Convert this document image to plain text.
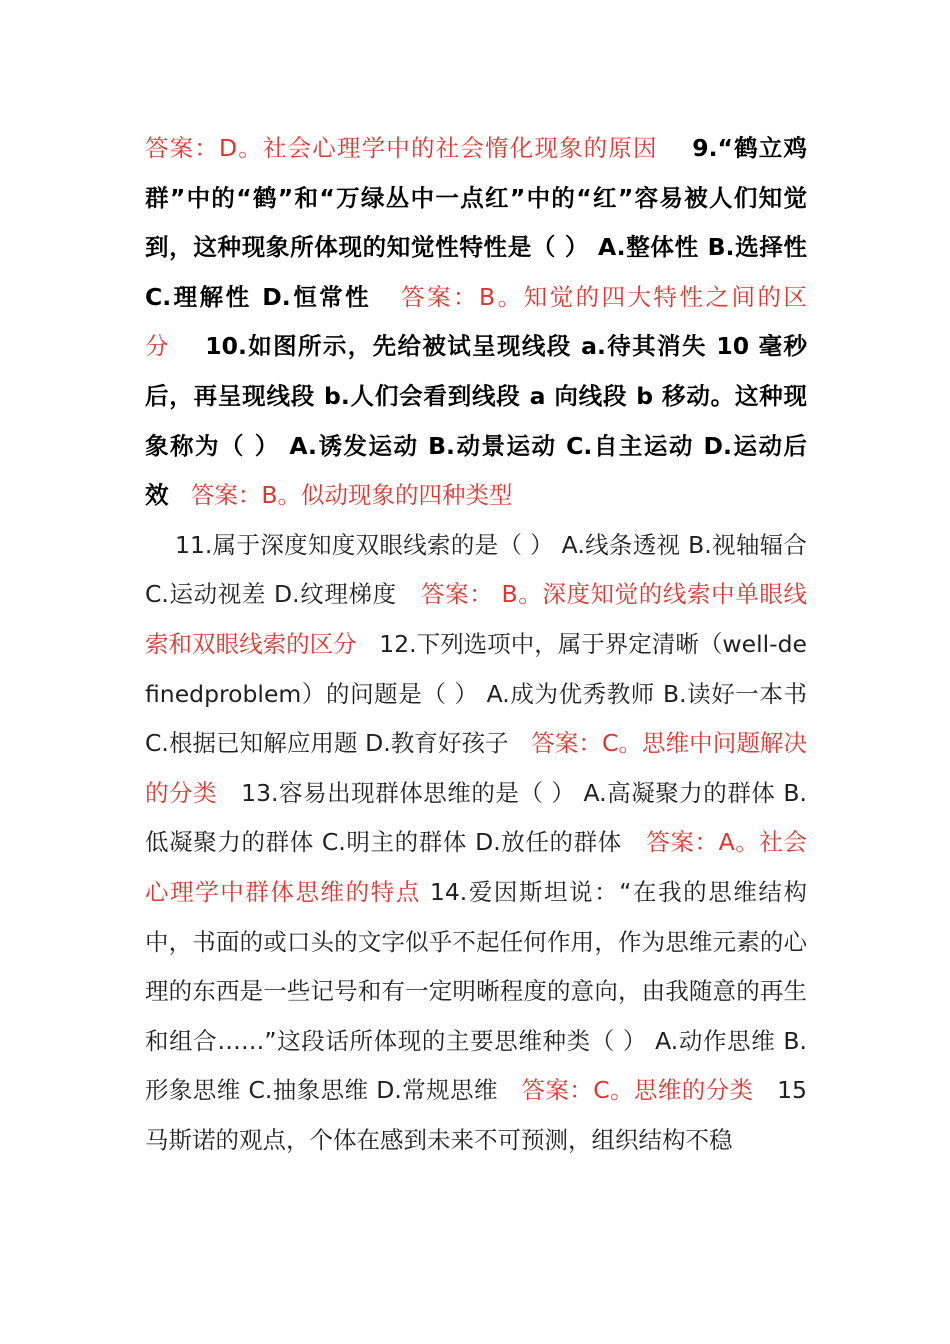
答案：D。社会心理学中的社会惰化现象的原因 9.“鹤立鸡群”中的“鹤”和“万绿丛中一点红”中的“红”容易被人们知觉到，这种现象所体现的知觉性特性是（ ） A.整体性 B.选择性 C.理解性 D.恒常性 答案：B。知觉的四大特性之间的区分 10.如图所示，先给被试呈现线段 a.待其消失 10 毫秒后，再呈现线段 b.人们会看到线段 a 向线段 b 移动。这种现象称为（ ） A.诱发运动 B.动景运动 C.自主运动 D.运动后效 答案：B。似动现象的四种类型

11.属于深度知度双眼线索的是（ ） A.线条透视 B.视轴辐合 C.运动视差 D.纹理梯度 答案： B。深度知觉的线索中单眼线索和双眼线索的区分 12.下列选项中，属于界定清晰（well-definedproblem）的问题是（ ） A.成为优秀教师 B.读好一本书 C.根据已知解应用题 D.教育好孩子 答案：C。思维中问题解决的分类 13.容易出现群体思维的是（ ） A.高凝聚力的群体 B.低凝聚力的群体 C.明主的群体 D.放任的群体 答案：A。社会心理学中群体思维的特点 14.爱因斯坦说：“在我的思维结构中，书面的或口头的文字似乎不起任何作用，作为思维元素的心理的东西是一些记号和有一定明晰程度的意向，由我随意的再生和组合……”这段话所体现的主要思维种类（ ） A.动作思维 B.形象思维 C.抽象思维 D.常规思维 答案：C。思维的分类 15 马斯诺的观点，个体在感到未来不可预测，组织结构不稳
